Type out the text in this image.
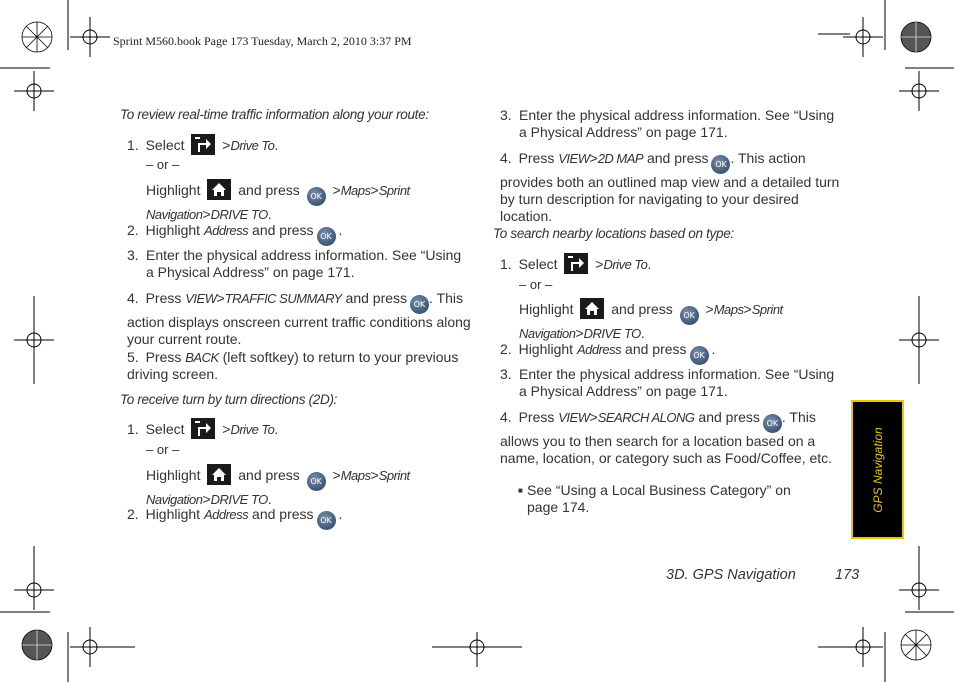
Sprint M560.book Page 173 Tuesday, March 2, 2010 3:37 PM
To review real-time traffic information along your route:
1. Select	>Drive To.
– or –
Highlight	and press OK >Maps>Sprint Navigation>DRIVE TO.
2. Highlight Address and press OK .
3. Enter the physical address information. See “Using a Physical Address” on page 171.
4. Press VIEW>TRAFFIC SUMMARY and press OK . This action displays onscreen current traffic conditions along your current route.
5. Press BACK (left softkey) to return to your previous driving screen.
To receive turn by turn directions (2D):
1. Select	>Drive To.
– or –
Highlight	and press OK >Maps>Sprint Navigation>DRIVE TO.
2. Highlight Address and press OK .
3. Enter the physical address information. See “Using a Physical Address” on page 171.
4. Press VIEW>2D MAP and press OK . This action provides both an outlined map view and a detailed turn by turn description for navigating to your desired location.
To search nearby locations based on type:
1. Select	>Drive To.
– or –
Highlight	and press OK >Maps>Sprint Navigation>DRIVE TO.
2. Highlight Address and press OK .
3. Enter the physical address information. See “Using a Physical Address” on page 171.
4. Press VIEW>SEARCH ALONG and press OK . This allows you to then search for a location based on a name, location, or category such as Food/Coffee, etc.
■ See “Using a Local Business Category” on page 174.
3D. GPS Navigation	173
GPS Navigation
